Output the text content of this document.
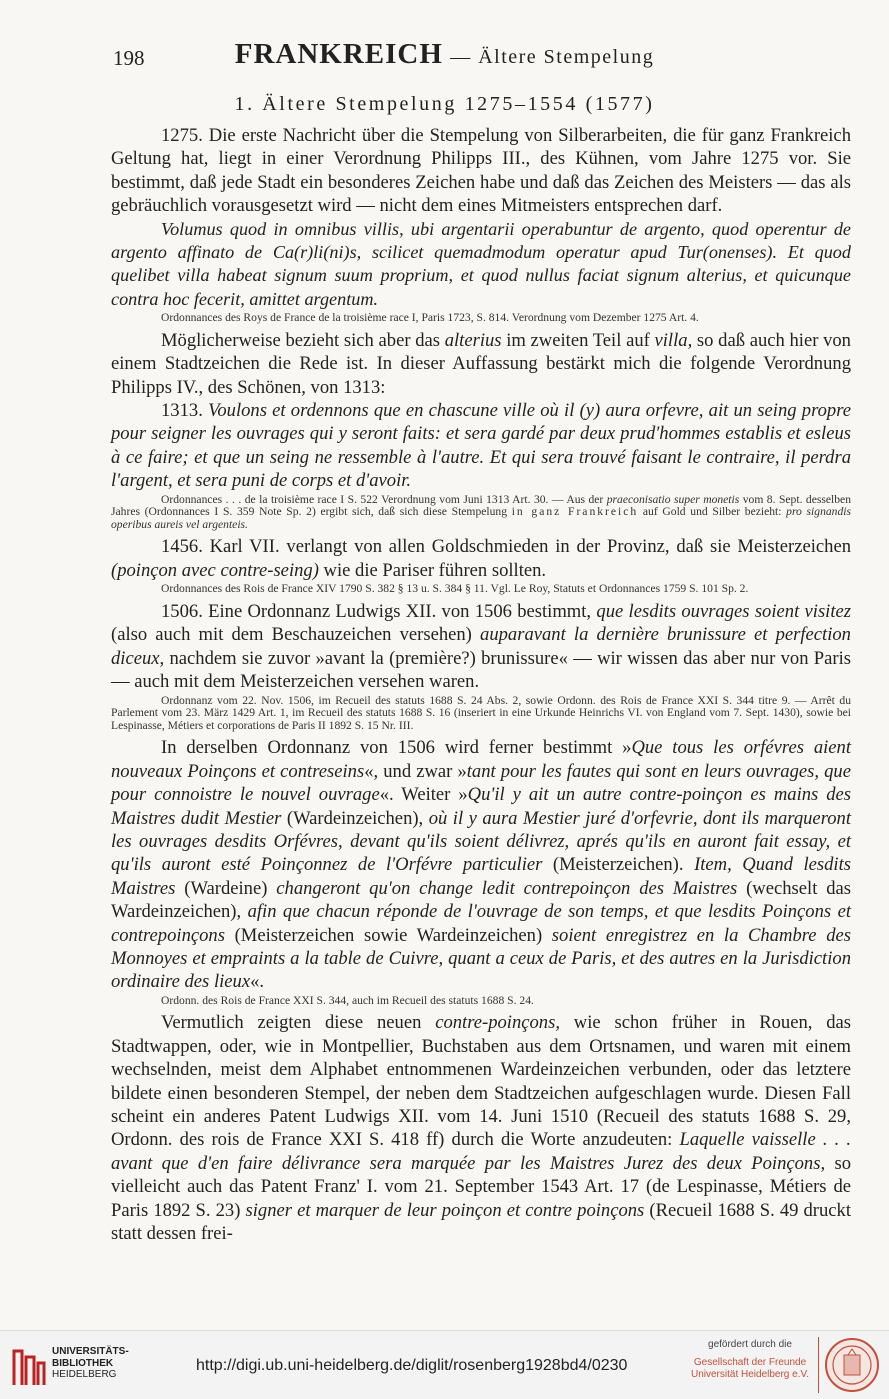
198	FRANKREICH — Ältere Stempelung
1. Ältere Stempelung 1275–1554 (1577)

1275. Die erste Nachricht über die Stempelung von Silberarbeiten, die für ganz Frankreich Geltung hat, liegt in einer Verordnung Philipps III., des Kühnen, vom Jahre 1275 vor. Sie bestimmt, daß jede Stadt ein besonderes Zeichen habe und daß das Zeichen des Meisters — das als gebräuchlich vorausgesetzt wird — nicht dem eines Mitmeisters entsprechen darf.

Volumus quod in omnibus villis, ubi argentarii operabuntur de argento, quod operentur de argento affinato de Ca(r)li(ni)s, scilicet quemadmodum operatur apud Tur(onenses). Et quod quelibet villa habeat signum suum proprium, et quod nullus faciat signum alterius, et quicunque contra hoc fecerit, amittet argentum.

Ordonnances des Roys de France de la troisième race I, Paris 1723, S. 814. Verordnung vom Dezember 1275 Art. 4.

Möglicherweise bezieht sich aber das alterius im zweiten Teil auf villa, so daß auch hier von einem Stadtzeichen die Rede ist. In dieser Auffassung bestärkt mich die folgende Verordnung Philipps IV., des Schönen, von 1313:

1313. Voulons et ordennons que en chascune ville où il (y) aura orfevre, ait un seing propre pour seigner les ouvrages qui y seront faits: et sera gardé par deux prud'hommes establis et esleus à ce faire; et que un seing ne ressemble à l'autre. Et qui sera trouvé faisant le contraire, il perdra l'argent, et sera puni de corps et d'avoir.

Ordonnances . . . de la troisième race I S. 522 Verordnung vom Juni 1313 Art. 30. — Aus der praeconisatio super monetis vom 8. Sept. desselben Jahres (Ordonnances I S. 359 Note Sp. 2) ergibt sich, daß sich diese Stempelung in ganz Frankreich auf Gold und Silber bezieht: pro signandis operibus aureis vel argenteis.

1456. Karl VII. verlangt von allen Goldschmieden in der Provinz, daß sie Meisterzeichen (poinçon avec contre-seing) wie die Pariser führen sollten.

Ordonnances des Rois de France XIV 1790 S. 382 § 13 u. S. 384 § 11. Vgl. Le Roy, Statuts et Ordonnances 1759 S. 101 Sp. 2.

1506. Eine Ordonnanz Ludwigs XII. von 1506 bestimmt, que lesdits ouvrages soient visitez (also auch mit dem Beschauzeichen versehen) auparavant la dernière brunissure et perfection diceux, nachdem sie zuvor »avant la (première?) brunissure« — wir wissen das aber nur von Paris — auch mit dem Meisterzeichen versehen waren.

Ordonnanz vom 22. Nov. 1506, im Recueil des statuts 1688 S. 24 Abs. 2, sowie Ordonn. des Rois de France XXI S. 344 titre 9. — Arrêt du Parlement vom 23. März 1429 Art. 1, im Recueil des statuts 1688 S. 16 (inseriert in eine Urkunde Heinrichs VI. von England vom 7. Sept. 1430), sowie bei Lespinasse, Métiers et corporations de Paris II 1892 S. 15 Nr. III.

In derselben Ordonnanz von 1506 wird ferner bestimmt »Que tous les orfévres aient nouveaux Poinçons et contreseins«, und zwar »tant pour les fautes qui sont en leurs ouvrages, que pour connoistre le nouvel ouvrage«. Weiter »Qu'il y ait un autre contre-poinçon es mains des Maistres dudit Mestier (Wardeinzeichen), où il y aura Mestier juré d'orfevrie, dont ils marqueront les ouvrages desdits Orfévres, devant qu'ils soient délivrez, aprés qu'ils en auront fait essay, et qu'ils auront esté Poinçonnez de l'Orfévre particulier (Meisterzeichen). Item, Quand lesdits Maistres (Wardeine) changeront qu'on change ledit contrepoinçon des Maistres (wechselt das Wardeinzeichen), afin que chacun réponde de l'ouvrage de son temps, et que lesdits Poinçons et contrepoinçons (Meisterzeichen sowie Wardeinzeichen) soient enregistrez en la Chambre des Monnoyes et empraints a la table de Cuivre, quant a ceux de Paris, et des autres en la Jurisdiction ordinaire des lieux«.

Ordonn. des Rois de France XXI S. 344, auch im Recueil des statuts 1688 S. 24.

Vermutlich zeigten diese neuen contre-poinçons, wie schon früher in Rouen, das Stadtwappen, oder, wie in Montpellier, Buchstaben aus dem Ortsnamen, und waren mit einem wechselnden, meist dem Alphabet entnommenen Wardeinzeichen verbunden, oder das letztere bildete einen besonderen Stempel, der neben dem Stadtzeichen aufgeschlagen wurde. Diesen Fall scheint ein anderes Patent Ludwigs XII. vom 14. Juni 1510 (Recueil des statuts 1688 S. 29, Ordonn. des rois de France XXI S. 418 ff) durch die Worte anzudeuten: Laquelle vaisselle . . . avant que d'en faire délivrance sera marquée par les Maistres Jurez des deux Poinçons, so vielleicht auch das Patent Franz' I. vom 21. September 1543 Art. 17 (de Lespinasse, Métiers de Paris 1892 S. 23) signer et marquer de leur poinçon et contre poinçons (Recueil 1688 S. 49 druckt statt dessen frei-

UNIVERSITÄTS-
BIBLIOTHEK
HEIDELBERG
http://digi.ub.uni-heidelberg.de/diglit/rosenberg1928bd4/0230
gefördert durch die
Gesellschaft der Freunde
Universität Heidelberg e.V.
